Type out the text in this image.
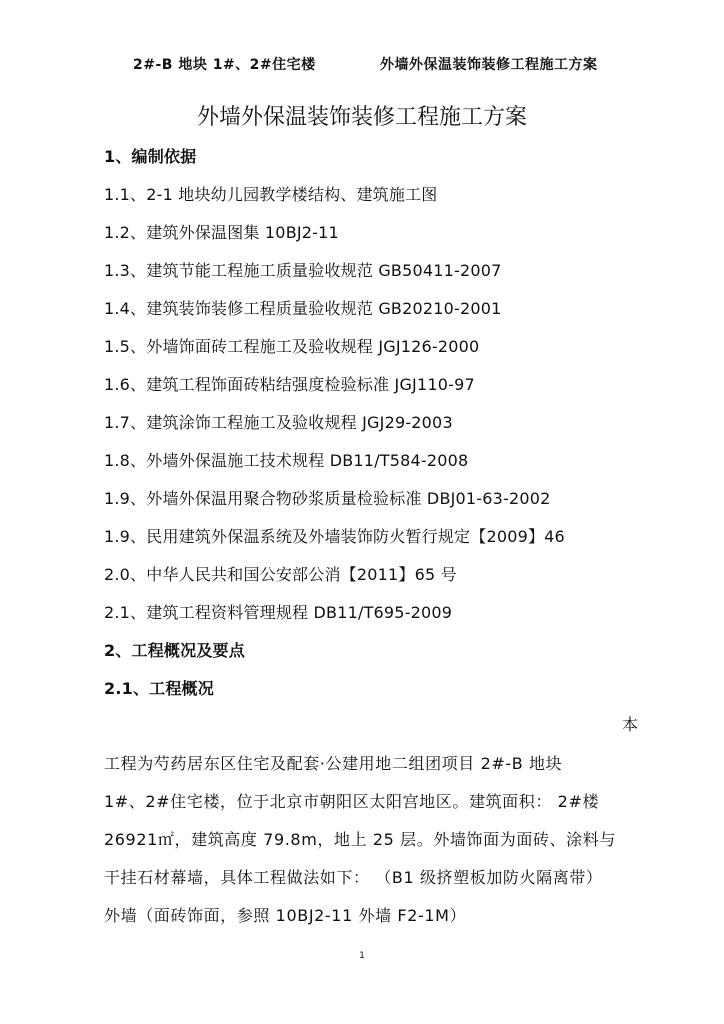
2#-B 地块 1#、2#住宅楼	外墙外保温装饰装修工程施工方案
外墙外保温装饰装修工程施工方案
1、编制依据
1.1、2-1 地块幼儿园教学楼结构、建筑施工图
1.2、建筑外保温图集 10BJ2-11
1.3、建筑节能工程施工质量验收规范 GB50411-2007
1.4、建筑装饰装修工程质量验收规范 GB20210-2001
1.5、外墙饰面砖工程施工及验收规程 JGJ126-2000
1.6、建筑工程饰面砖粘结强度检验标准 JGJ110-97
1.7、建筑涂饰工程施工及验收规程 JGJ29-2003
1.8、外墙外保温施工技术规程 DB11/T584-2008
1.9、外墙外保温用聚合物砂浆质量检验标准 DBJ01-63-2002
1.9、民用建筑外保温系统及外墙装饰防火暂行规定【2009】46
2.0、中华人民共和国公安部公消【2011】65 号
2.1、建筑工程资料管理规程 DB11/T695-2009
2、工程概况及要点
2.1、工程概况
本
工程为芍药居东区住宅及配套·公建用地二组团项目 2#-B 地块
1#、2#住宅楼，位于北京市朝阳区太阳宫地区。建筑面积： 2#楼
26921㎡，建筑高度 79.8m，地上 25 层。外墙饰面为面砖、涂料与
干挂石材幕墙，具体工程做法如下： （B1 级挤塑板加防火隔离带）
外墙（面砖饰面，参照 10BJ2-11 外墙 F2-1M）
1
